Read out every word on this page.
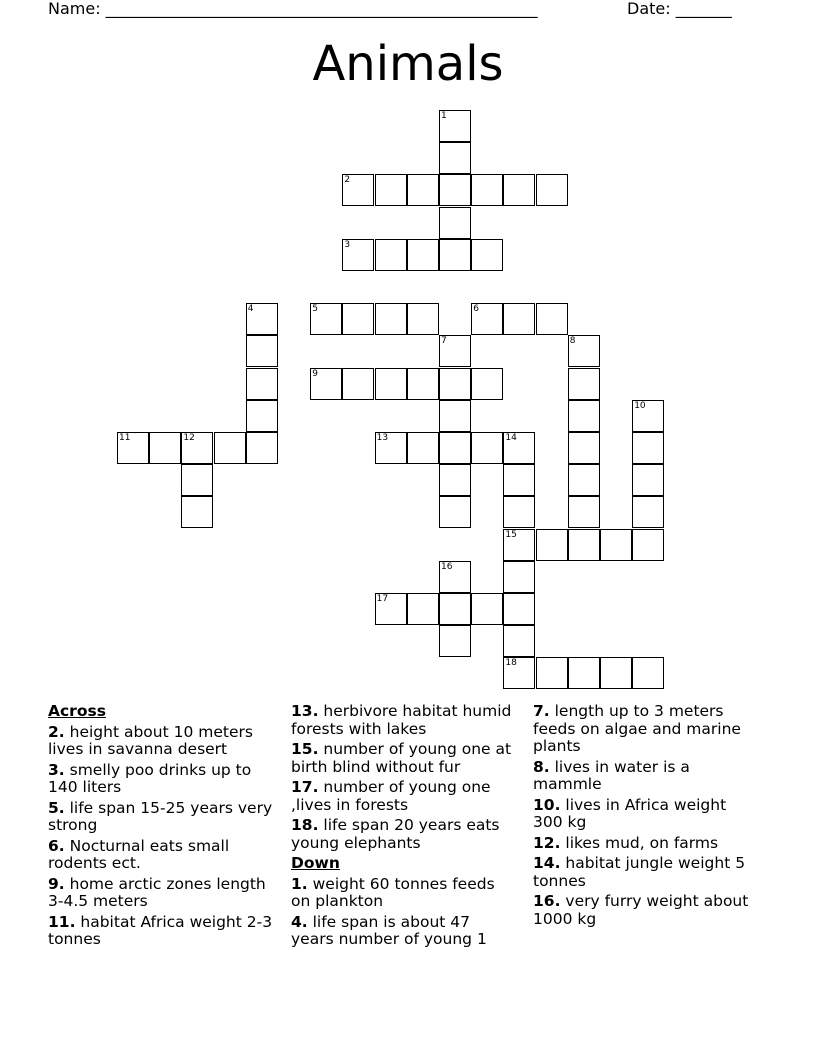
Name: ______________________________________________________	Date: _______
Animals
1
2
3
4	5	6
7	8
9
10
11	12	13	14
15
16
17
18
Across
2. height about 10 meters lives in savanna desert
3. smelly poo drinks up to 140 liters
5. life span 15-25 years very strong
6. Nocturnal eats small rodents ect.
9. home arctic zones length 3-4.5 meters
11. habitat Africa weight 2-3 tonnes
13. herbivore habitat humid forests with lakes
15. number of young one at birth blind without fur
17. number of young one ,lives in forests
18. life span 20 years eats young elephants
Down
1. weight 60 tonnes feeds on plankton
4. life span is about 47 years number of young 1
7. length up to 3 meters feeds on algae and marine plants
8. lives in water is a mammle
10. lives in Africa weight 300 kg
12. likes mud, on farms
14. habitat jungle weight 5 tonnes
16. very furry weight about 1000 kg
